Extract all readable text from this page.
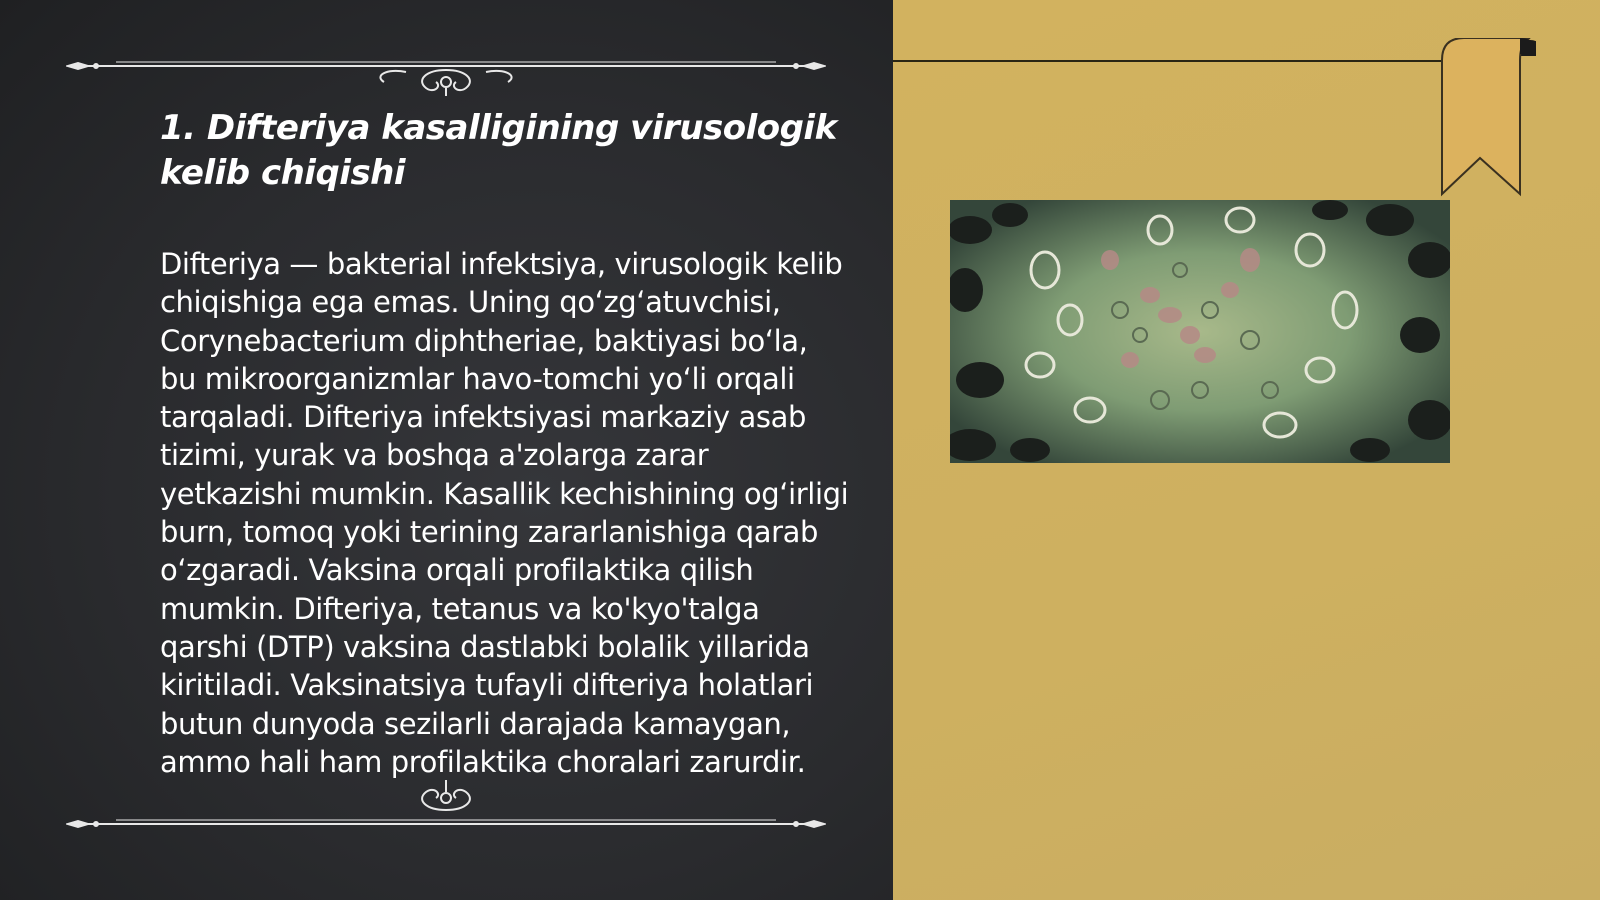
1. Difteriya kasalligining virusologik kelib chiqishi

Difteriya — bakterial infektsiya, virusologik kelib chiqishiga ega emas. Uning qo‘zg‘atuvchisi, Corynebacterium diphtheriae, baktiyasi bo‘la, bu mikroorganizmlar havo-tomchi yo‘li orqali tarqaladi. Difteriya infektsiyasi markaziy asab tizimi, yurak va boshqa a'zolarga zarar yetkazishi mumkin. Kasallik kechishining og‘irligi burn, tomoq yoki terining zararlanishiga qarab o‘zgaradi. Vaksina orqali profilaktika qilish mumkin. Difteriya, tetanus va ko'kyo'talga qarshi (DTP) vaksina dastlabki bolalik yillarida kiritiladi. Vaksinatsiya tufayli difteriya holatlari butun dunyoda sezilarli darajada kamaygan, ammo hali ham profilaktika choralari zarurdir.
